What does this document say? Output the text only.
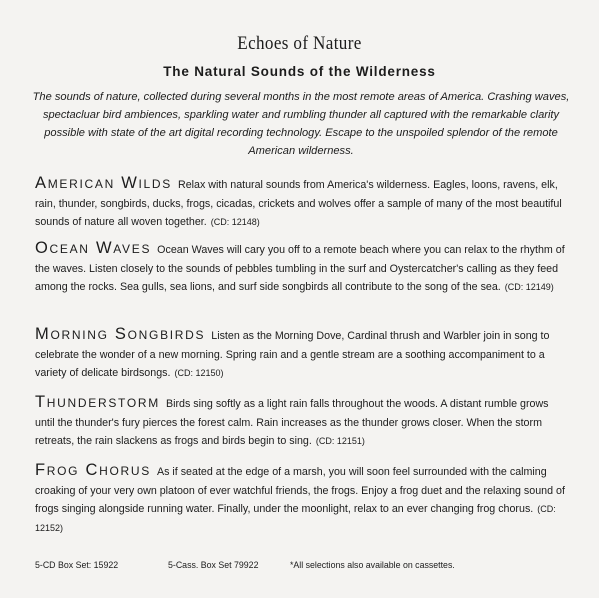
Echoes of Nature
The Natural Sounds of the Wilderness
The sounds of nature, collected during several months in the most remote areas of America. Crashing waves, spectacluar bird ambiences, sparkling water and rumbling thunder all captured with the remarkable clarity possible with state of the art digital recording technology. Escape to the unspoiled splendor of the remote American wilderness.
American Wilds Relax with natural sounds from America's wilderness. Eagles, loons, ravens, elk, rain, thunder, songbirds, ducks, frogs, cicadas, crickets and wolves offer a sample of many of the most beautiful sounds of nature all woven together. (CD: 12148)
Ocean Waves Ocean Waves will cary you off to a remote beach where you can relax to the rhythm of the waves. Listen closely to the sounds of pebbles tumbling in the surf and Oystercatcher's calling as they feed among the rocks. Sea gulls, sea lions, and surf side songbirds all contribute to the song of the sea. (CD: 12149)
Morning Songbirds Listen as the Morning Dove, Cardinal thrush and Warbler join in song to celebrate the wonder of a new morning. Spring rain and a gentle stream are a soothing accompaniment to a variety of delicate birdsongs. (CD: 12150)
Thunderstorm Birds sing softly as a light rain falls throughout the woods. A distant rumble grows until the thunder's fury pierces the forest calm. Rain increases as the thunder grows closer. When the storm retreats, the rain slackens as frogs and birds begin to sing. (CD: 12151)
Frog Chorus As if seated at the edge of a marsh, you will soon feel surrounded with the calming croaking of your very own platoon of ever watchful friends, the frogs. Enjoy a frog duet and the relaxing sound of frogs singing alongside running water. Finally, under the moonlight, relax to an ever changing frog chorus. (CD: 12152)
5-CD Box Set: 15922	5-Cass. Box Set 79922	*All selections also available on cassettes.
